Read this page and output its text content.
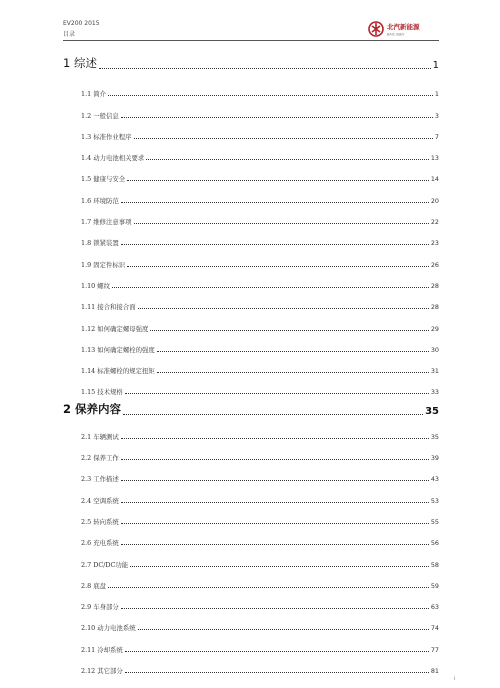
EV200 2015
目录
北汽新能源
BAIC BJEV
1 综述	1
1.1 简介	1
1.2 一般信息	3
1.3 标准作业程序	7
1.4 动力电池相关要求	13
1.5 健康与安全	14
1.6 环境防范	20
1.7 维修注意事项	22
1.8 锁紧装置	23
1.9 固定件标识	26
1.10 螺纹	28
1.11 接合和接合面	28
1.12 如何确定螺母强度	29
1.13 如何确定螺栓的强度	30
1.14 标准螺栓的规定扭矩	31
1.15 技术规格	33
2 保养内容	35
2.1 车辆测试	35
2.2 保养工作	39
2.3 工作描述	43
2.4 空调系统	53
2.5 转向系统	55
2.6 充电系统	56
2.7 DC/DC功能	58
2.8 底盘	59
2.9 车身部分	63
2.10 动力电池系统	74
2.11 冷却系统	77
2.12 其它部分	81
I
